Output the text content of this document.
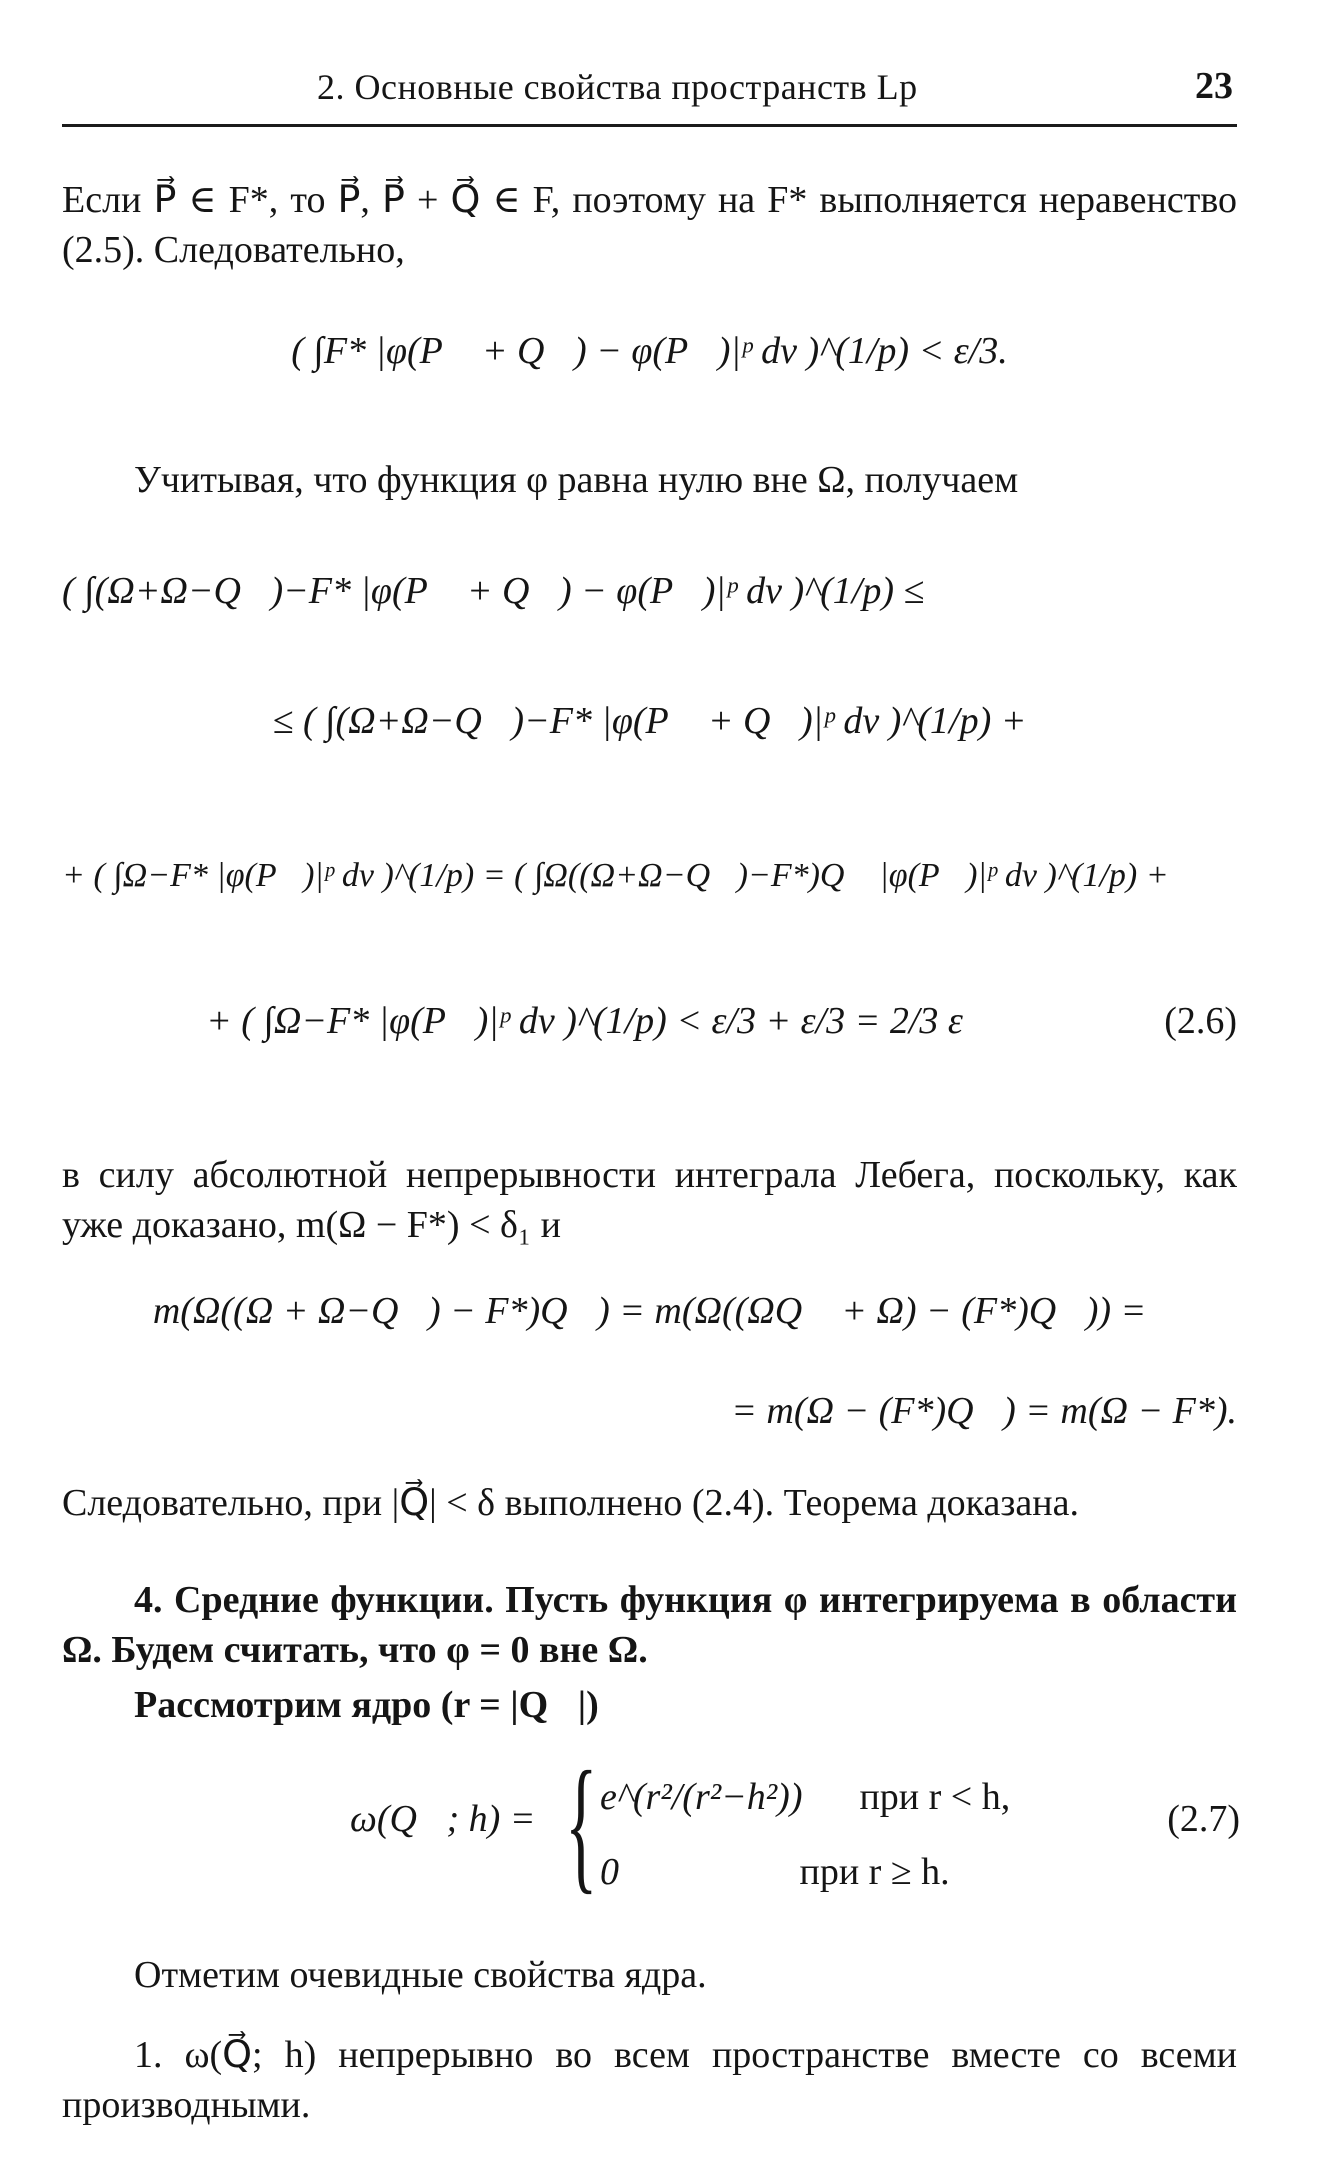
2. Основные свойства пространств Lp	23
Если P⃗ ∈ F*, то P⃗, P⃗ + Q⃗ ∈ F, поэтому на F* выполняется неравенство (2.5). Следовательно,
( ∫F* |φ(P⃗ + Q⃗) − φ(P⃗)|ᵖ dv )^(1/p) < ε/3.
Учитывая, что функция φ равна нулю вне Ω, получаем
( ∫(Ω+Ω−Q⃗)−F* |φ(P⃗ + Q⃗) − φ(P⃗)|ᵖ dv )^(1/p) ≤
≤ ( ∫(Ω+Ω−Q⃗)−F* |φ(P⃗ + Q⃗)|ᵖ dv )^(1/p) +
+ ( ∫Ω−F* |φ(P⃗)|ᵖ dv )^(1/p) = ( ∫Ω((Ω+Ω−Q⃗)−F*)Q⃗ |φ(P⃗)|ᵖ dv )^(1/p) +
+ ( ∫Ω−F* |φ(P⃗)|ᵖ dv )^(1/p) < ε/3 + ε/3 = 2/3 ε	(2.6)
в силу абсолютной непрерывности интеграла Лебега, поскольку, как уже доказано, m(Ω − F*) < δ₁ и
m(Ω((Ω + Ω−Q⃗) − F*)Q⃗) = m(Ω((ΩQ⃗ + Ω) − (F*)Q⃗)) =
= m(Ω − (F*)Q⃗) = m(Ω − F*).
Следовательно, при |Q⃗| < δ выполнено (2.4). Теорема доказана.
4. Средние функции. Пусть функция φ интегрируема в области Ω. Будем считать, что φ = 0 вне Ω.
Рассмотрим ядро (r = |Q⃗|)
ω(Q⃗; h) = { e^(r²/(r²−h²)) при r < h,
0	при r ≥ h.
(2.7)
Отметим очевидные свойства ядра.
1. ω(Q⃗; h) непрерывно во всем пространстве вместе со всеми производными.
